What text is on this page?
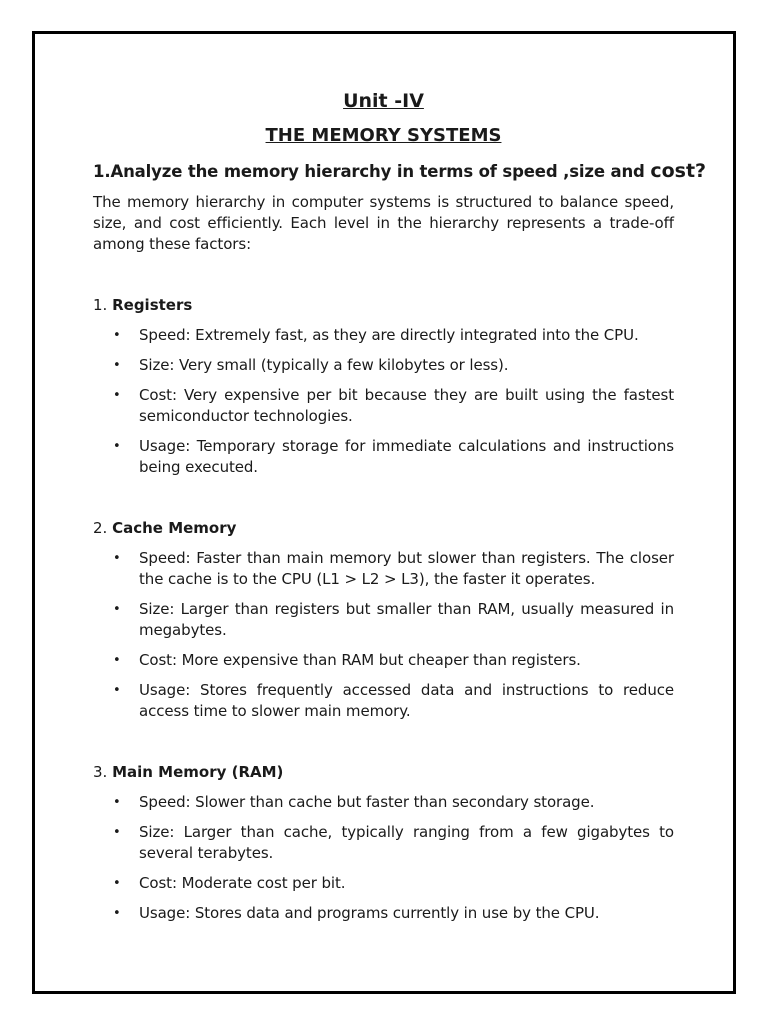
Unit -IV
THE MEMORY SYSTEMS

1.Analyze the memory hierarchy in terms of speed ,size and cost?

The memory hierarchy in computer systems is structured to balance speed, size, and cost efficiently. Each level in the hierarchy represents a trade-off among these factors:

1. Registers

• Speed: Extremely fast, as they are directly integrated into the CPU.
• Size: Very small (typically a few kilobytes or less).
• Cost: Very expensive per bit because they are built using the fastest semiconductor technologies.
• Usage: Temporary storage for immediate calculations and instructions being executed.

2. Cache Memory

• Speed: Faster than main memory but slower than registers. The closer the cache is to the CPU (L1 > L2 > L3), the faster it operates.
• Size: Larger than registers but smaller than RAM, usually measured in megabytes.
• Cost: More expensive than RAM but cheaper than registers.
• Usage: Stores frequently accessed data and instructions to reduce access time to slower main memory.

3. Main Memory (RAM)

• Speed: Slower than cache but faster than secondary storage.
• Size: Larger than cache, typically ranging from a few gigabytes to several terabytes.
• Cost: Moderate cost per bit.
• Usage: Stores data and programs currently in use by the CPU.
